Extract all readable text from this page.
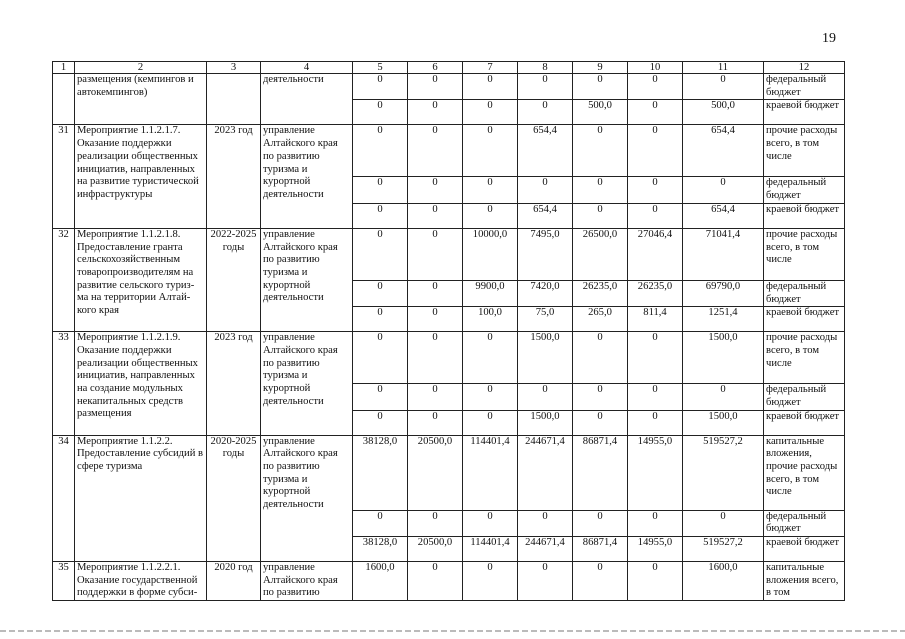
19
1	2	3	4	5	6	7	8	9	10	11	12
	размещения (кемпингов и автокемпингов)		деятельности	0	0	0	0	0	0	0	федеральный бюджет
				0	0	0	0	500,0	0	500,0	краевой бюджет
31	Мероприятие 1.1.2.1.7. Оказание поддержки реализации общественных инициатив, направленных на развитие туристической инфраструктуры	2023 год	управление Алтайского края по развитию туризма и курортной деятельности	0	0	0	654,4	0	0	654,4	прочие расходы всего, в том числе
				0	0	0	0	0	0	0	федеральный бюджет
				0	0	0	654,4	0	0	654,4	краевой бюджет
32	Мероприятие 1.1.2.1.8. Предоставление гранта сельскохозяйственным товаропроизводителям на развитие сельского туриз-ма на территории Алтай-кого края	2022-2025 годы	управление Алтайского края по развитию туризма и курортной деятельности	0	0	10000,0	7495,0	26500,0	27046,4	71041,4	прочие расходы всего, в том числе
				0	0	9900,0	7420,0	26235,0	26235,0	69790,0	федеральный бюджет
				0	0	100,0	75,0	265,0	811,4	1251,4	краевой бюджет
33	Мероприятие 1.1.2.1.9. Оказание поддержки реализации общественных инициатив, направленных на создание модульных некапитальных средств размещения	2023 год	управление Алтайского края по развитию туризма и курортной деятельности	0	0	0	1500,0	0	0	1500,0	прочие расходы всего, в том числе
				0	0	0	0	0	0	0	федеральный бюджет
				0	0	0	1500,0	0	0	1500,0	краевой бюджет
34	Мероприятие 1.1.2.2. Предоставление субсидий в сфере туризма	2020-2025 годы	управление Алтайского края по развитию туризма и курортной деятельности	38128,0	20500,0	114401,4	244671,4	86871,4	14955,0	519527,2	капитальные вложения, прочие расходы всего, в том числе
				0	0	0	0	0	0	0	федеральный бюджет
				38128,0	20500,0	114401,4	244671,4	86871,4	14955,0	519527,2	краевой бюджет
35	Мероприятие 1.1.2.2.1. Оказание государственной поддержки в форме субси-	2020 год	управление Алтайского края по развитию	1600,0	0	0	0	0	0	1600,0	капитальные вложения всего, в том
